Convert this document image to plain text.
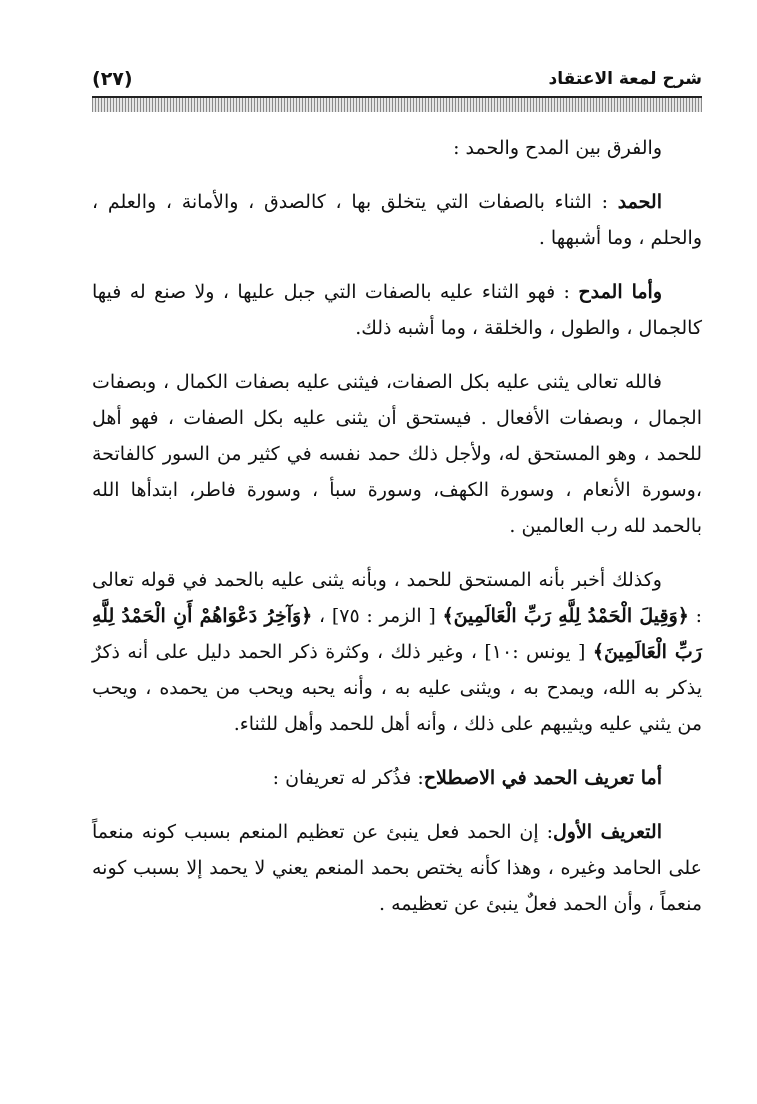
(٢٧)	شرح لمعة الاعتقاد

والفرق بين المدح والحمد :

الحمد : الثناء بالصفات التي يتخلق بها ، كالصدق ، والأمانة ، والعلم ، والحلم ، وما أشبهها .

وأما المدح : فهو الثناء عليه بالصفات التي جبل عليها ، ولا صنع له فيها كالجمال ، والطول ، والخلقة ، وما أشبه ذلك.

فالله تعالى يثنى عليه بكل الصفات، فيثنى عليه بصفات الكمال ، وبصفات الجمال ، وبصفات الأفعال . فيستحق أن يثنى عليه بكل الصفات ، فهو أهل للحمد ، وهو المستحق له، ولأجل ذلك حمد نفسه في كثير من السور كالفاتحة ،وسورة الأنعام ، وسورة الكهف، وسورة سبأ ، وسورة فاطر، ابتدأها الله بالحمد لله رب العالمين .

وكذلك أخبر بأنه المستحق للحمد ، وبأنه يثنى عليه بالحمد في قوله تعالى : ﴿وَقِيلَ الْحَمْدُ لِلَّهِ رَبِّ الْعَالَمِينَ﴾ [ الزمر : ٧٥] ، ﴿وَآخِرُ دَعْوَاهُمْ أَنِ الْحَمْدُ لِلَّهِ رَبِّ الْعَالَمِينَ﴾ [ يونس :١٠] ، وغير ذلك ، وكثرة ذكر الحمد دليل على أنه ذكرٌ يذكر به الله، ويمدح به ، ويثنى عليه به ، وأنه يحبه ويحب من يحمده ، ويحب من يثني عليه ويثيبهم على ذلك ، وأنه أهل للحمد وأهل للثناء.

أما تعريف الحمد في الاصطلاح: فذُكر له تعريفان :

التعريف الأول: إن الحمد فعل ينبئ عن تعظيم المنعم بسبب كونه منعماً على الحامد وغيره ، وهذا كأنه يختص بحمد المنعم يعني لا يحمد إلا بسبب كونه منعماً ، وأن الحمد فعلٌ ينبئ عن تعظيمه .
